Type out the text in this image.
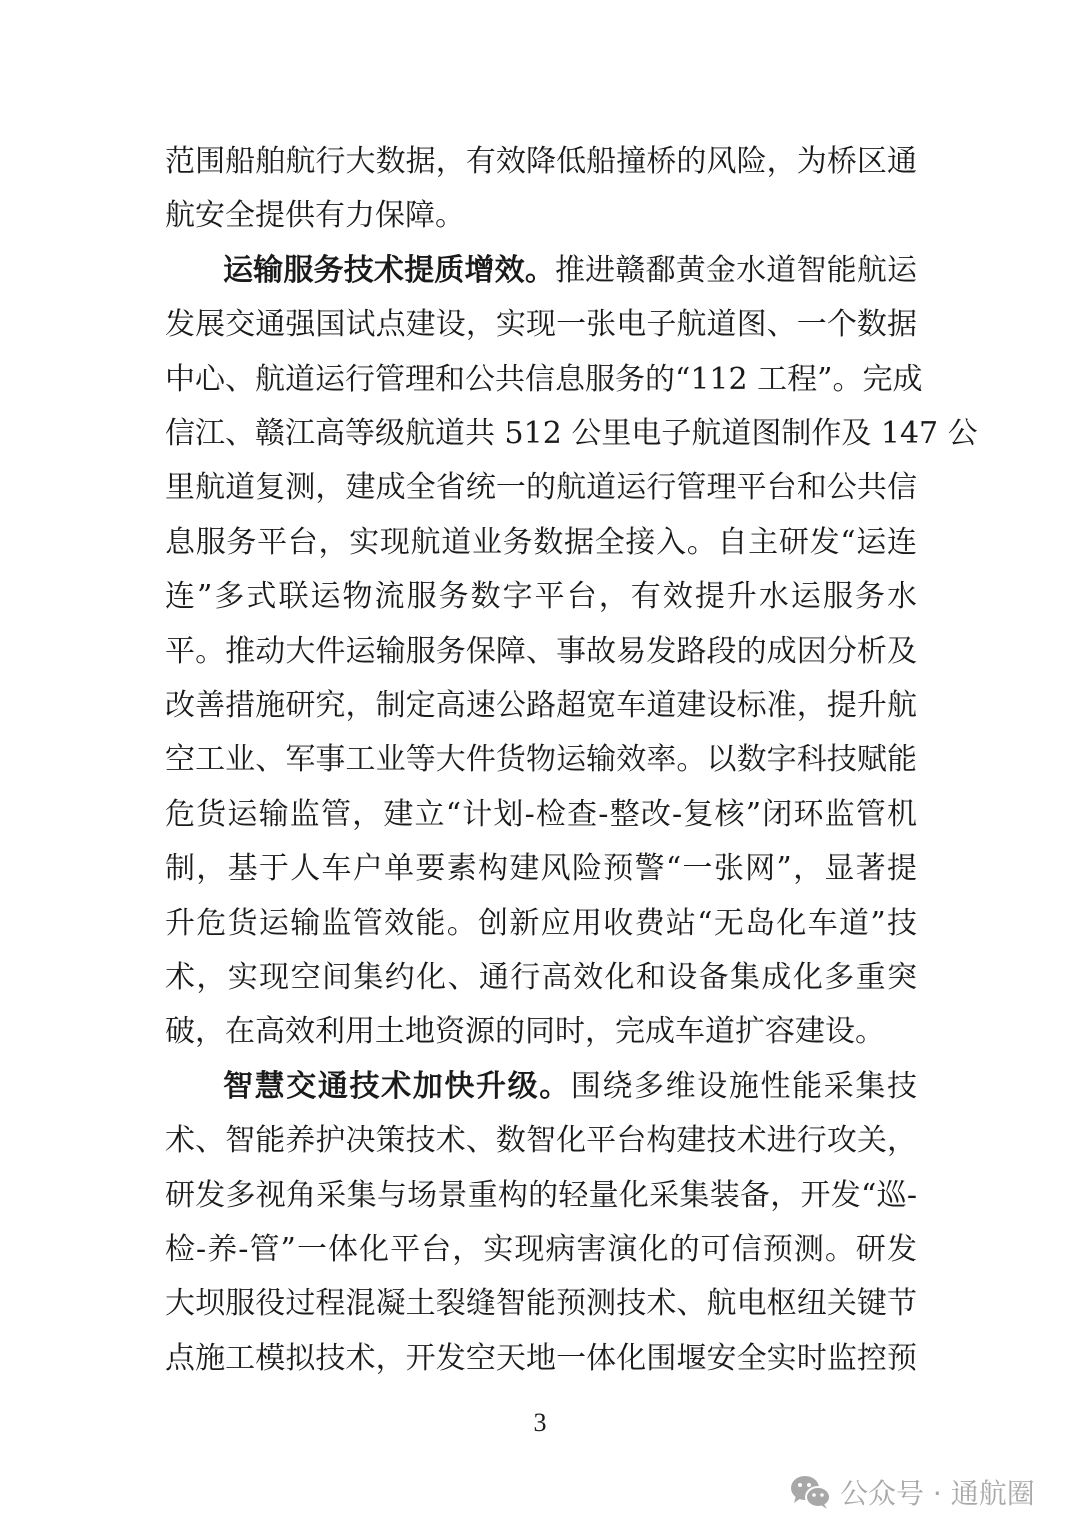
范围船舶航行大数据，有效降低船撞桥的风险，为桥区通
航安全提供有力保障。
运输服务技术提质增效。推进赣鄱黄金水道智能航运
发展交通强国试点建设，实现一张电子航道图、一个数据
中心、航道运行管理和公共信息服务的“112 工程”。完成
信江、赣江高等级航道共 512 公里电子航道图制作及 147 公
里航道复测，建成全省统一的航道运行管理平台和公共信
息服务平台，实现航道业务数据全接入。自主研发“运连
连”多式联运物流服务数字平台，有效提升水运服务水
平。推动大件运输服务保障、事故易发路段的成因分析及
改善措施研究，制定高速公路超宽车道建设标准，提升航
空工业、军事工业等大件货物运输效率。以数字科技赋能
危货运输监管，建立“计划-检查-整改-复核”闭环监管机
制，基于人车户单要素构建风险预警“一张网”，显著提
升危货运输监管效能。创新应用收费站“无岛化车道”技
术，实现空间集约化、通行高效化和设备集成化多重突
破，在高效利用土地资源的同时，完成车道扩容建设。
智慧交通技术加快升级。围绕多维设施性能采集技
术、智能养护决策技术、数智化平台构建技术进行攻关，
研发多视角采集与场景重构的轻量化采集装备，开发“巡-
检-养-管”一体化平台，实现病害演化的可信预测。研发
大坝服役过程混凝土裂缝智能预测技术、航电枢纽关键节
点施工模拟技术，开发空天地一体化围堰安全实时监控预
3
公众号 · 通航圈
